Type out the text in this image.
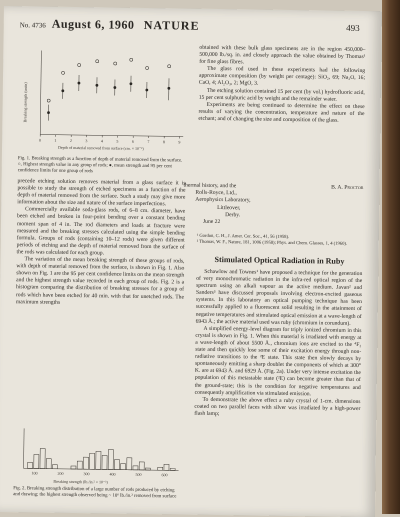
No. 4736 August 6, 1960 NATURE	493
Breaking strength (units)
0	1	2	3	4	5	6	7	8	9
Depth of material removed from surface (cm. × 10⁻²)
Fig. 1. Breaking strength as a function of depth of material removed from the surface. ○, Highest strength value in any group of rods; ●, mean strength and 95 per cent confidence limits for one group of rods

precede etching solution removes material from a glass surface it is possible to study the strength of etched specimens as a function of the depth of material removed from the surface. Such a study may give more information about the size and nature of the surface imperfections.

Commercially available soda-glass rods, of 6–8 cm. diameter, have been etched and broken in four-point bending over a constant bending moment span of 4 in. The rod diameters and loads at fracture were measured and the breaking stresses calculated using the simple bending formula. Groups of rods (containing 10–12 rods) were given different periods of etching and the depth of material removed from the surface of the rods was calculated for each group.

The variation of the mean breaking strength of these groups of rods, with depth of material removed from the surface, is shown in Fig. 1. Also shown on Fig. 1 are the 95 per cent confidence limits on the mean strength and the highest strength value recorded in each group of rods. Fig. 2 is a histogram comparing the distribution of breaking stresses for a group of rods which have been etched for 40 min. with that for unetched rods. The maximum strengths

100	200	300	400	500	600
Breaking strength (lb./in.² × 10⁻³)
Fig. 2. Breaking strength distribution of a large number of rods produced by etching and drawing; the highest strength observed being ~ 10⁶ lb./in.² removed from surface

obtained with these bulk glass specimens are in the region 450,000–500,000 lb./sq. in. and closely approach the value obtained by Thomas¹ for fine glass fibres.

The glass rod used in these experiments had the following approximate composition (by weight per centage): SiO₂, 69; Na₂O, 16; CaO, 4; Al₂O₃, 2; MgO, 3.

The etching solution contained 15 per cent (by vol.) hydrofluoric acid, 15 per cent sulphuric acid by weight and the remainder water.

Experiments are being continued to determine the effect on these results of varying the concentration, temperature and nature of the etchant; and of changing the size and composition of the glass.

thermal history, and the	B. A. Proctor
Rolls-Royce, Ltd.,
Aerophysics Laboratory,
Littleover,
Derby.
June 22
¹ Gordon, C. H., J. Amer. Cer. Soc., 41, 56 (1958).
² Thomas, W. F., Nature, 181, 1006 (1958); Phys. and Chem. Glasses, 1, 4 (1960).
Stimulated Optical Radiation in Ruby

Schawlow and Townes¹ have proposed a technique for the generation of very monochromatic radiation in the infra-red optical region of the spectrum using an alkali vapour as the active medium. Javan² and Sanders³ have discussed proposals involving electron-excited gaseous systems. In this laboratory an optical pumping technique has been successfully applied to a fluorescent solid resulting in the attainment of negative temperatures and stimulated optical emission at a wave-length of 6943 Å.; the active material used was ruby (chromium in corundum).

A simplified energy-level diagram for triply ionized chromium in this crystal is shown in Fig. 1. When this material is irradiated with energy at a wave-length of about 5500 Å., chromium ions are excited to the ⁴F₂ state and then quickly lose some of their excitation energy through non-radiative transitions to the ²E state. This state then slowly decays by spontaneously emitting a sharp doublet the components of which at 300° K. are at 6943 Å. and 6929 Å. (Fig. 2a). Under very intense excitation the population of this metastable state (²E) can become greater than that of the ground-state; this is the condition for negative temperatures and consequently amplification via stimulated emission.

To demonstrate the above effect a ruby crystal of 1-cm. dimensions coated on two parallel faces with silver was irradiated by a high-power flash lamp;
